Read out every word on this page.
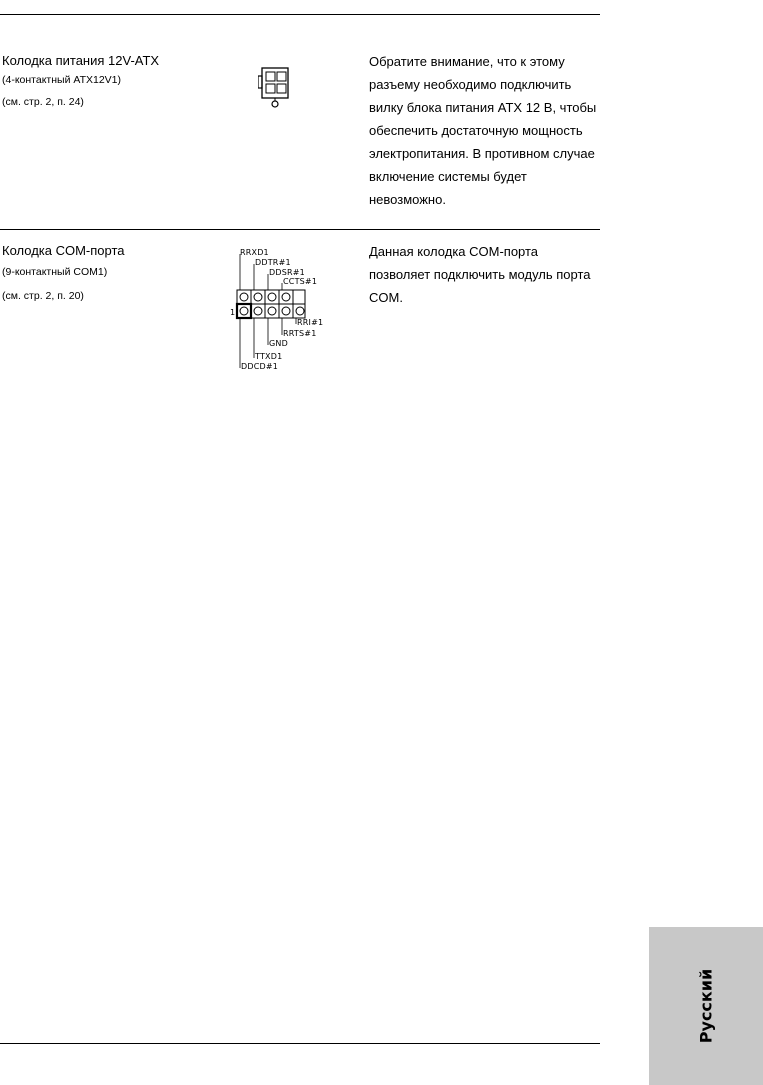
Колодка питания 12V-ATX
(4-контактный ATX12V1)
(см. стр. 2, п. 24)
Обратите внимание, что к этому разъему необходимо подключить вилку блока питания ATX 12 В, чтобы обеспечить достаточную мощность электропитания. В противном случае включение системы будет невозможно.
Колодка COM-порта
(9-контактный COM1)
(см. стр. 2, п. 20)
RRXD1
DDTR#1
DDSR#1
CCTS#1
1
RRI#1
RRTS#1
GND
TTXD1
DDCD#1
Данная колодка COM-порта позволяет подключить модуль порта COM.
Русский
